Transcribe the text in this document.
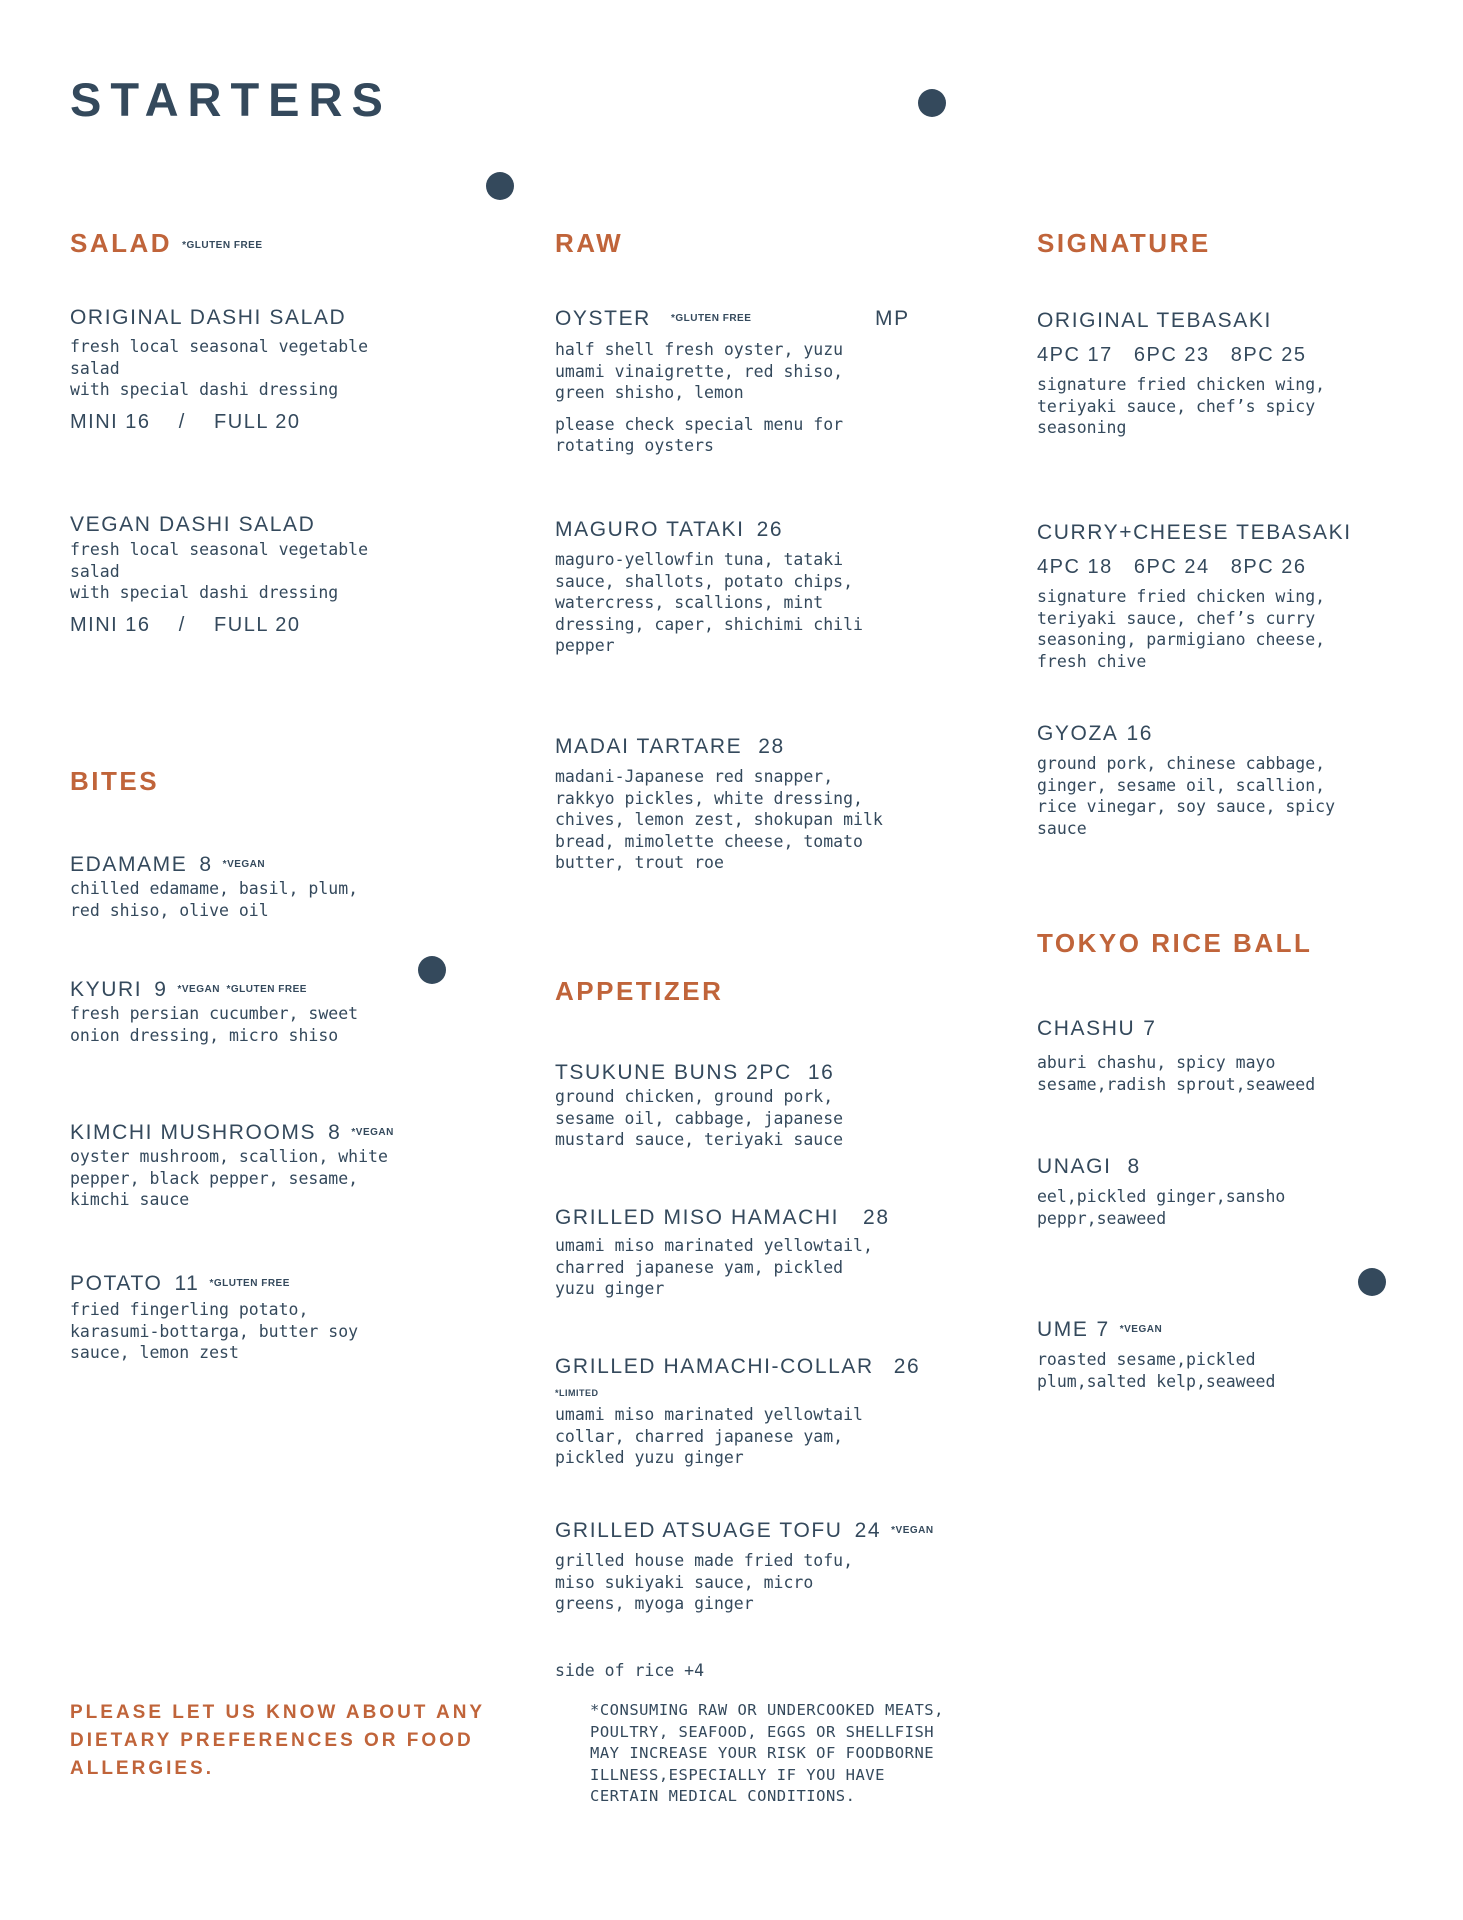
STARTERS
SALAD *GLUTEN FREE
ORIGINAL DASHI SALAD

fresh local seasonal vegetable
salad
with special dashi dressing

MINI 16    /    FULL 20
VEGAN DASHI SALAD

fresh local seasonal vegetable
salad
with special dashi dressing

MINI 16    /    FULL 20
BITES
EDAMAME 8 *VEGAN

chilled edamame, basil, plum,
red shiso, olive oil

KYURI 9 *VEGAN  *GLUTEN FREE

fresh persian cucumber, sweet
onion dressing, micro shiso

KIMCHI MUSHROOMS 8 *VEGAN

oyster mushroom, scallion, white
pepper, black pepper, sesame,
kimchi sauce

POTATO 11 *GLUTEN FREE

fried fingerling potato,
karasumi-bottarga, butter soy
sauce, lemon zest

RAW
OYSTER *GLUTEN FREE	MP

half shell fresh oyster, yuzu
umami vinaigrette, red shiso,
green shisho, lemon

please check special menu for
rotating oysters

MAGURO TATAKI 26

maguro-yellowfin tuna, tataki
sauce, shallots, potato chips,
watercress, scallions, mint
dressing, caper, shichimi chili
pepper

MADAI TARTARE 28

madani-Japanese red snapper,
rakkyo pickles, white dressing,
chives, lemon zest, shokupan milk
bread, mimolette cheese, tomato
butter, trout roe

APPETIZER
TSUKUNE BUNS 2PC 16

ground chicken, ground pork,
sesame oil, cabbage, japanese
mustard sauce, teriyaki sauce

GRILLED MISO HAMACHI 28

umami miso marinated yellowtail,
charred japanese yam, pickled
yuzu ginger

GRILLED HAMACHI-COLLAR 26
*LIMITED

umami miso marinated yellowtail
collar, charred japanese yam,
pickled yuzu ginger

GRILLED ATSUAGE TOFU 24 *VEGAN

grilled house made fried tofu,
miso sukiyaki sauce, micro
greens, myoga ginger

side of rice +4
SIGNATURE
ORIGINAL TEBASAKI
4PC 17   6PC 23   8PC 25

signature fried chicken wing,
teriyaki sauce, chef’s spicy
seasoning

CURRY+CHEESE TEBASAKI
4PC 18   6PC 24   8PC 26

signature fried chicken wing,
teriyaki sauce, chef’s curry
seasoning, parmigiano cheese,
fresh chive

GYOZA 16

ground pork, chinese cabbage,
ginger, sesame oil, scallion,
rice vinegar, soy sauce, spicy
sauce

TOKYO RICE BALL
CHASHU 7

aburi chashu, spicy mayo
sesame,radish sprout,seaweed

UNAGI 8

eel,pickled ginger,sansho
peppr,seaweed

UME 7 *VEGAN

roasted sesame,pickled
plum,salted kelp,seaweed

PLEASE LET US KNOW ABOUT ANY DIETARY PREFERENCES OR FOOD ALLERGIES.
*CONSUMING RAW OR UNDERCOOKED MEATS,
POULTRY, SEAFOOD, EGGS OR SHELLFISH
MAY INCREASE YOUR RISK OF FOODBORNE
ILLNESS,ESPECIALLY IF YOU HAVE
CERTAIN MEDICAL CONDITIONS.
